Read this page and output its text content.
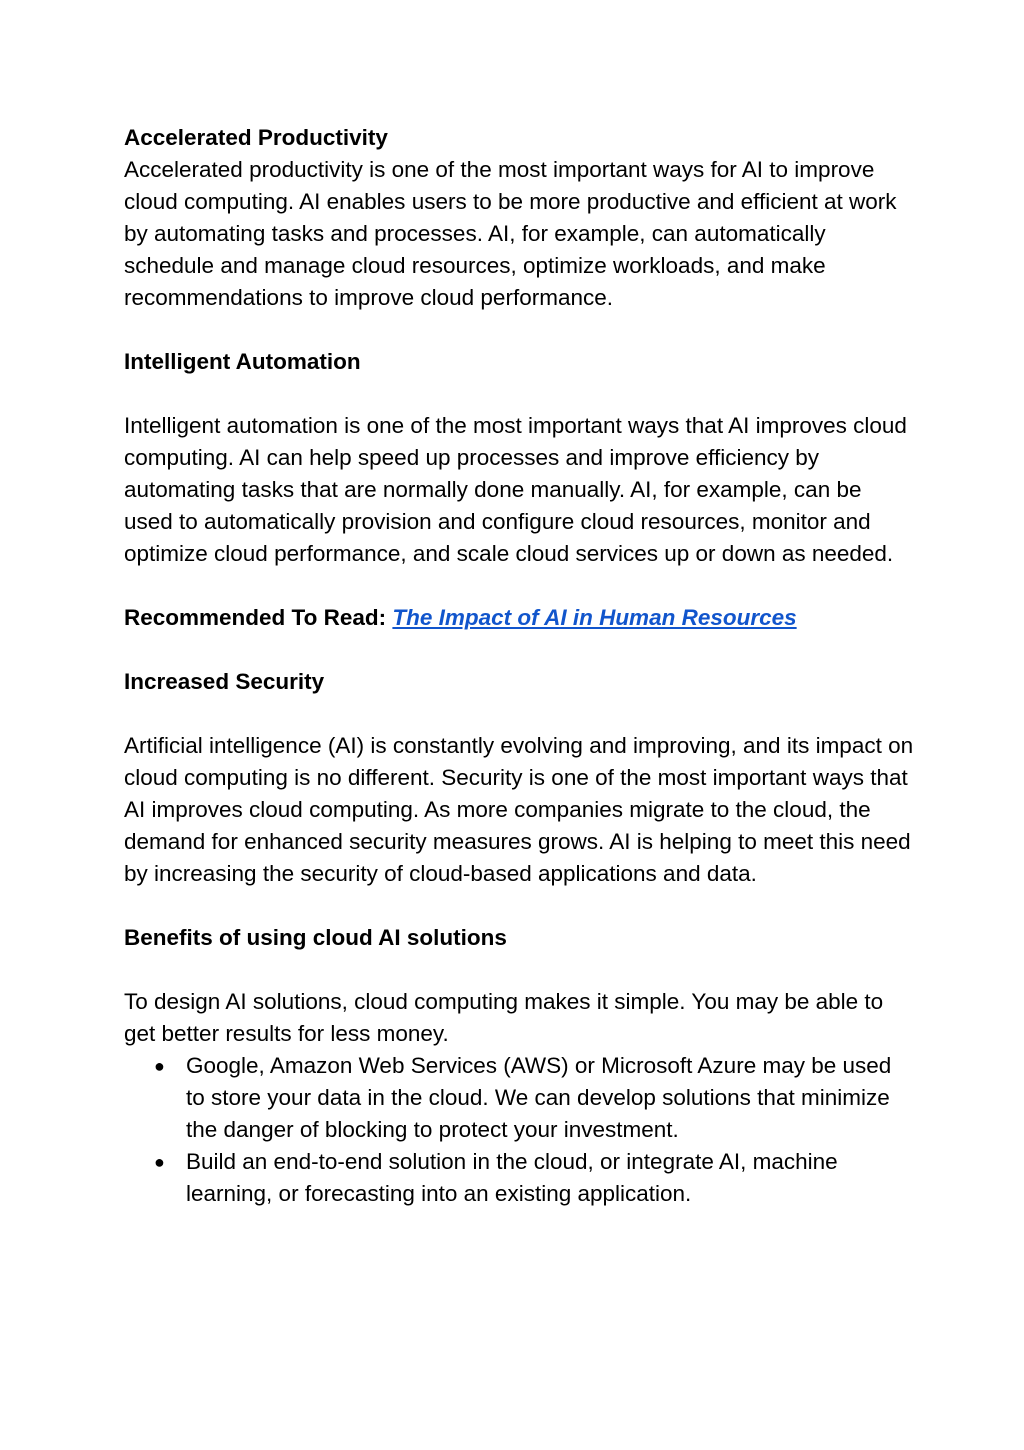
Accelerated Productivity

Accelerated productivity is one of the most important ways for AI to improve cloud computing. AI enables users to be more productive and efficient at work by automating tasks and processes. AI, for example, can automatically schedule and manage cloud resources, optimize workloads, and make recommendations to improve cloud performance.

Intelligent Automation

Intelligent automation is one of the most important ways that AI improves cloud computing. AI can help speed up processes and improve efficiency by automating tasks that are normally done manually. AI, for example, can be used to automatically provision and configure cloud resources, monitor and optimize cloud performance, and scale cloud services up or down as needed.

Recommended To Read: The Impact of AI in Human Resources

Increased Security

Artificial intelligence (AI) is constantly evolving and improving, and its impact on cloud computing is no different. Security is one of the most important ways that AI improves cloud computing. As more companies migrate to the cloud, the demand for enhanced security measures grows. AI is helping to meet this need by increasing the security of cloud-based applications and data.

Benefits of using cloud AI solutions

To design AI solutions, cloud computing makes it simple. You may be able to get better results for less money.

● Google, Amazon Web Services (AWS) or Microsoft Azure may be used to store your data in the cloud. We can develop solutions that minimize the danger of blocking to protect your investment.
● Build an end-to-end solution in the cloud, or integrate AI, machine learning, or forecasting into an existing application.
